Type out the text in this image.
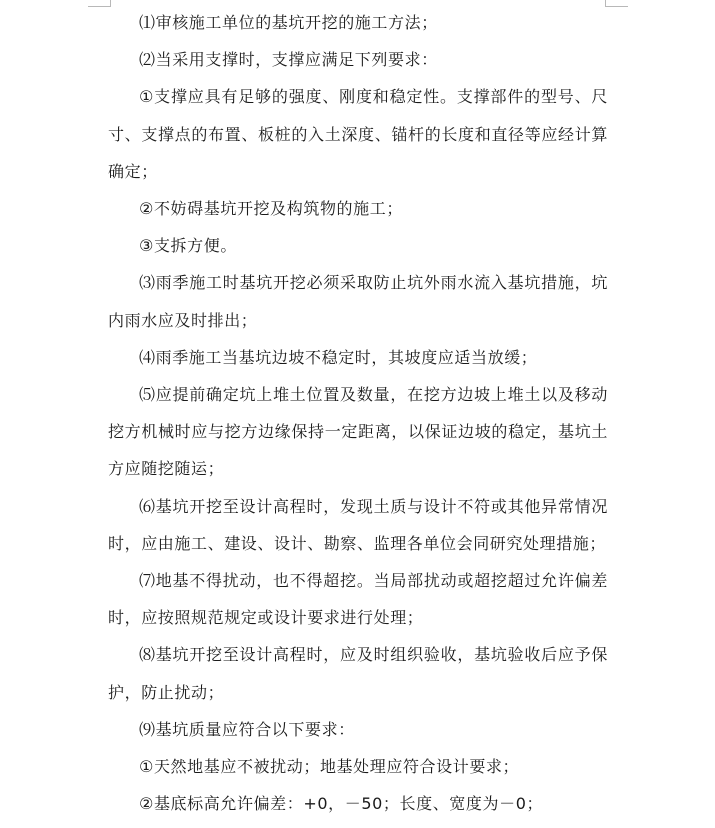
⑴审核施工单位的基坑开挖的施工方法；

⑵当采用支撑时，支撑应满足下列要求：

①支撑应具有足够的强度、刚度和稳定性。支撑部件的型号、尺寸、支撑点的布置、板桩的入土深度、锚杆的长度和直径等应经计算确定；

②不妨碍基坑开挖及构筑物的施工；

③支拆方便。

⑶雨季施工时基坑开挖必须采取防止坑外雨水流入基坑措施，坑内雨水应及时排出；

⑷雨季施工当基坑边坡不稳定时，其坡度应适当放缓；

⑸应提前确定坑上堆土位置及数量，在挖方边坡上堆土以及移动挖方机械时应与挖方边缘保持一定距离，以保证边坡的稳定，基坑土方应随挖随运；

⑹基坑开挖至设计高程时，发现土质与设计不符或其他异常情况时，应由施工、建设、设计、勘察、监理各单位会同研究处理措施；

⑺地基不得扰动，也不得超挖。当局部扰动或超挖超过允许偏差时，应按照规范规定或设计要求进行处理；

⑻基坑开挖至设计高程时，应及时组织验收，基坑验收后应予保护，防止扰动；

⑼基坑质量应符合以下要求：

①天然地基应不被扰动；地基处理应符合设计要求；

②基底标高允许偏差：+0，－50；长度、宽度为－0；
